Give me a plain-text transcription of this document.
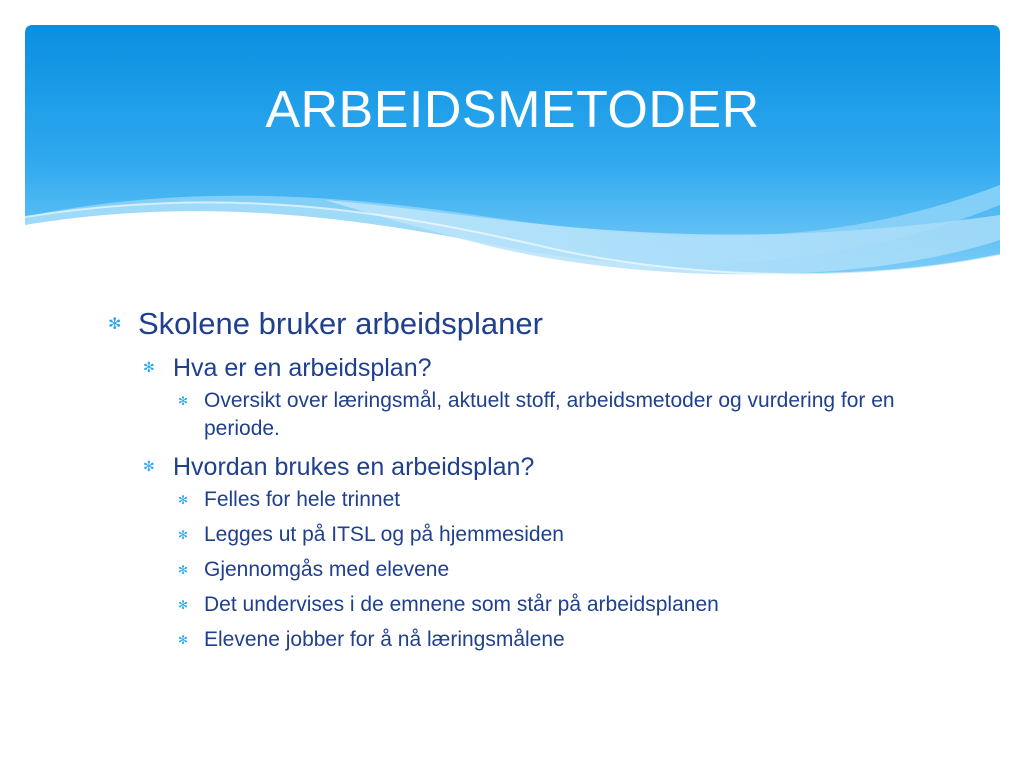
ARBEIDSMETODER
✻ Skolene bruker arbeidsplaner
✻ Hva er en arbeidsplan?
✻ Oversikt over læringsmål, aktuelt stoff, arbeidsmetoder og vurdering for en periode.
✻ Hvordan brukes en arbeidsplan?
✻ Felles for hele trinnet
✻ Legges ut på ITSL og på hjemmesiden
✻ Gjennomgås med elevene
✻ Det undervises i de emnene som står på arbeidsplanen
✻ Elevene jobber for å nå læringsmålene
